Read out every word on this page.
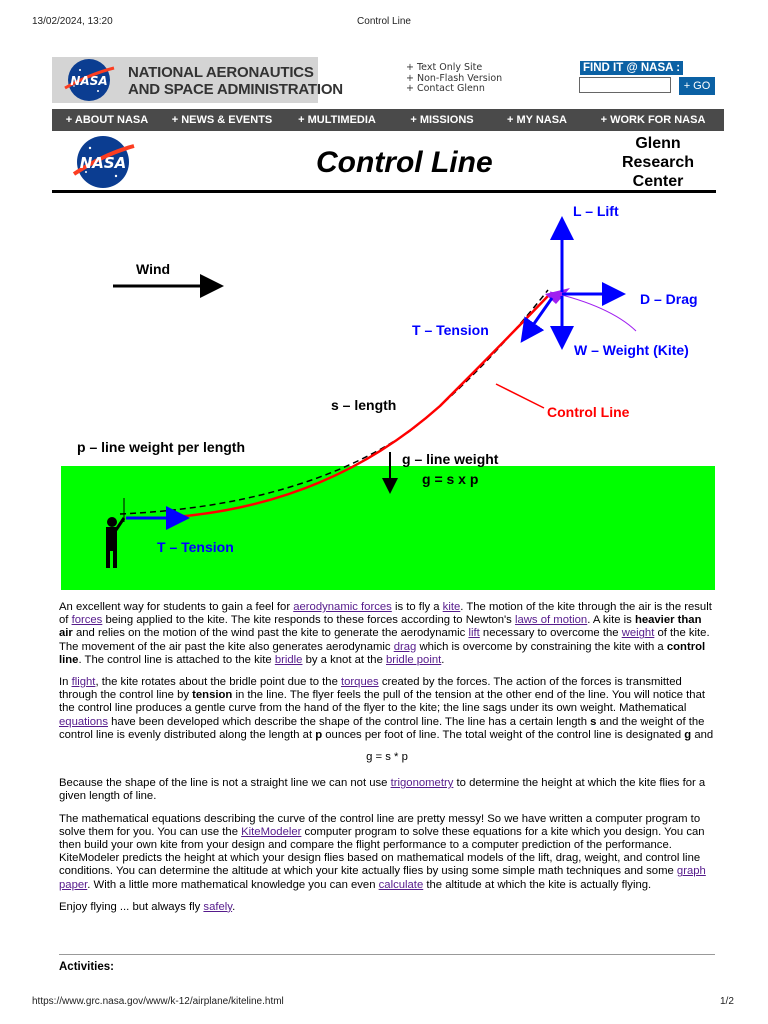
13/02/2024, 13:20	Control Line
NASA NATIONAL AERONAUTICS
AND SPACE ADMINISTRATION
+ Text Only Site
+ Non-Flash Version
+ Contact Glenn
FIND IT @ NASA :
+ GO
+ ABOUT NASA	+ NEWS & EVENTS	+ MULTIMEDIA	+ MISSIONS	+ MY NASA	+ WORK FOR NASA
NASA	Control Line
Glenn
Research
Center
Wind
L – Lift
D – Drag
W – Weight (Kite)
T – Tension
s – length	Control Line
p – line weight per length
g – line weight
g = s x p
T – Tension

An excellent way for students to gain a feel for aerodynamic forces is to fly a kite. The motion of the kite through the air is the result of forces being applied to the kite. The kite responds to these forces according to Newton's laws of motion. A kite is heavier than air and relies on the motion of the wind past the kite to generate the aerodynamic lift necessary to overcome the weight of the kite. The movement of the air past the kite also generates aerodynamic drag which is overcome by constraining the kite with a control line. The control line is attached to the kite bridle by a knot at the bridle point.

In flight, the kite rotates about the bridle point due to the torques created by the forces. The action of the forces is transmitted through the control line by tension in the line. The flyer feels the pull of the tension at the other end of the line. You will notice that the control line produces a gentle curve from the hand of the flyer to the kite; the line sags under its own weight. Mathematical equations have been developed which describe the shape of the control line. The line has a certain length s and the weight of the control line is evenly distributed along the length at p ounces per foot of line. The total weight of the control line is designated g and

g = s * p

Because the shape of the line is not a straight line we can not use trigonometry to determine the height at which the kite flies for a given length of line.

The mathematical equations describing the curve of the control line are pretty messy! So we have written a computer program to solve them for you. You can use the KiteModeler computer program to solve these equations for a kite which you design. You can then build your own kite from your design and compare the flight performance to a computer prediction of the performance. KiteModeler predicts the height at which your design flies based on mathematical models of the lift, drag, weight, and control line conditions. You can determine the altitude at which your kite actually flies by using some simple math techniques and some graph paper. With a little more mathematical knowledge you can even calculate the altitude at which the kite is actually flying.

Enjoy flying ... but always fly safely.

Activities:
https://www.grc.nasa.gov/www/k-12/airplane/kiteline.html	1/2
